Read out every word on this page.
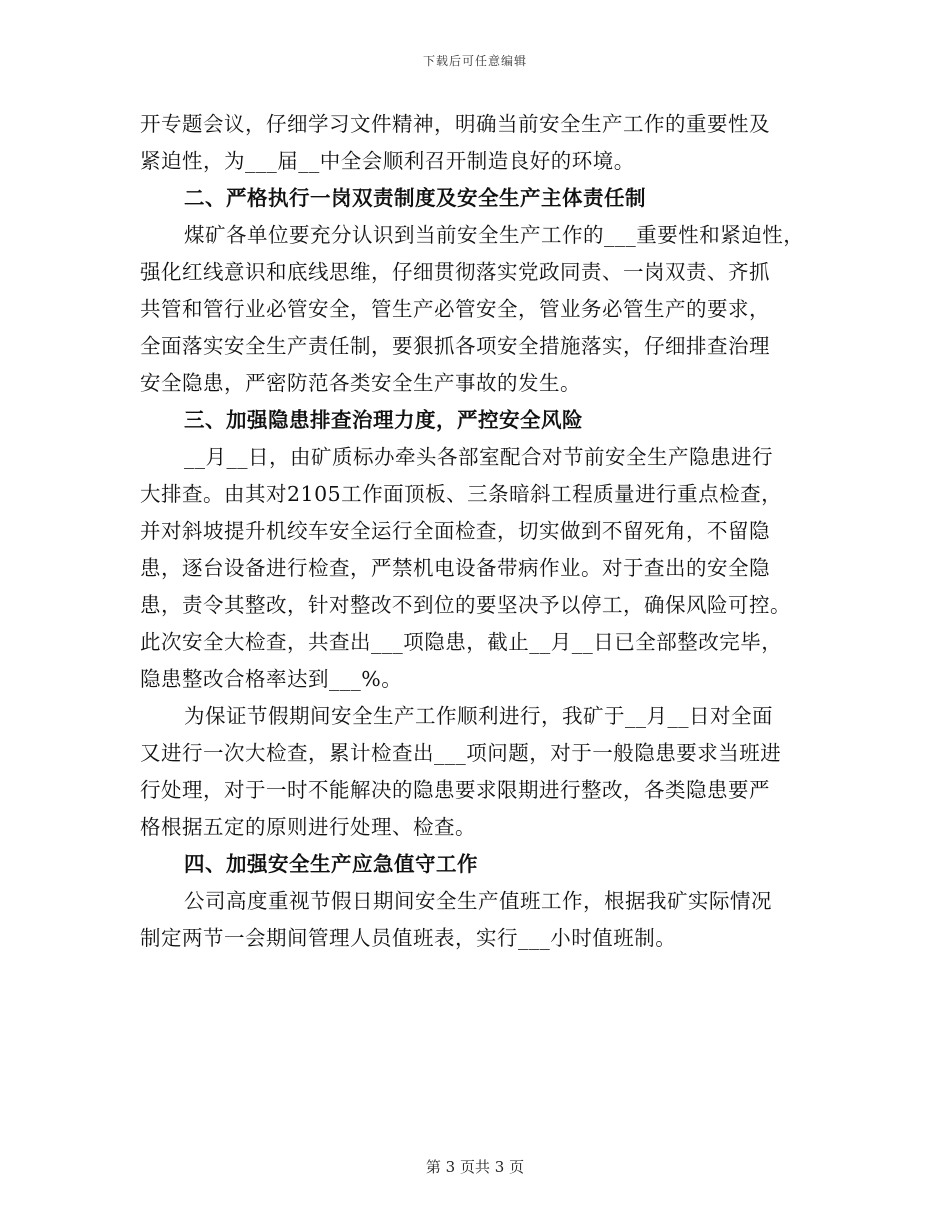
下载后可任意编辑
开专题会议，仔细学习文件精神，明确当前安全生产工作的重要性及
紧迫性，为___届__中全会顺利召开制造良好的环境。
二、严格执行一岗双责制度及安全生产主体责任制
煤矿各单位要充分认识到当前安全生产工作的___重要性和紧迫性，
强化红线意识和底线思维，仔细贯彻落实党政同责、一岗双责、齐抓
共管和管行业必管安全，管生产必管安全，管业务必管生产的要求，
全面落实安全生产责任制，要狠抓各项安全措施落实，仔细排查治理
安全隐患，严密防范各类安全生产事故的发生。
三、加强隐患排查治理力度，严控安全风险
__月__日，由矿质标办牵头各部室配合对节前安全生产隐患进行
大排查。由其对2105工作面顶板、三条暗斜工程质量进行重点检查，
并对斜坡提升机绞车安全运行全面检查，切实做到不留死角，不留隐
患，逐台设备进行检查，严禁机电设备带病作业。对于查出的安全隐
患，责令其整改，针对整改不到位的要坚决予以停工，确保风险可控。
此次安全大检查，共查出___项隐患，截止__月__日已全部整改完毕，
隐患整改合格率达到___%。
为保证节假期间安全生产工作顺利进行，我矿于__月__日对全面
又进行一次大检查，累计检查出___项问题，对于一般隐患要求当班进
行处理，对于一时不能解决的隐患要求限期进行整改，各类隐患要严
格根据五定的原则进行处理、检查。
四、加强安全生产应急值守工作
公司高度重视节假日期间安全生产值班工作，根据我矿实际情况
制定两节一会期间管理人员值班表，实行___小时值班制。
第 3 页共 3 页
